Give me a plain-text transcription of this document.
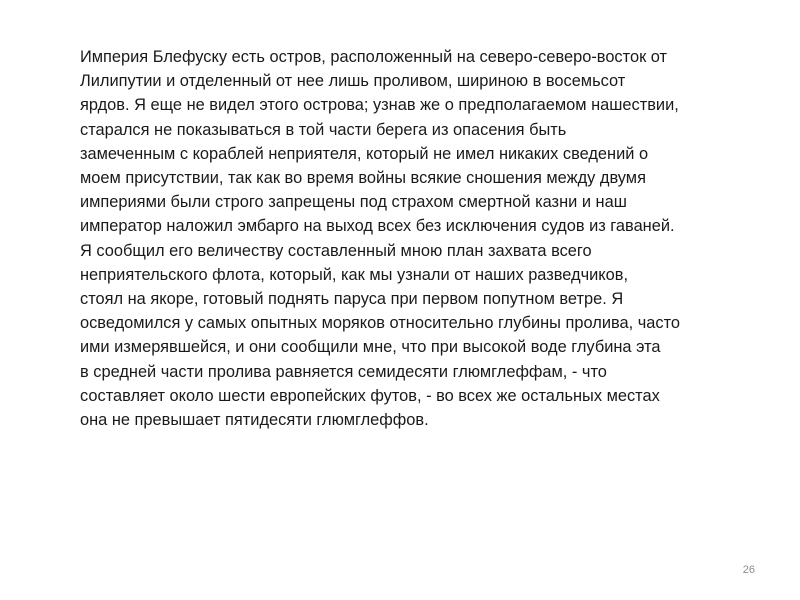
Империя Блефуску есть остров, расположенный на северо-северо-восток от
Лилипутии и отделенный от нее лишь проливом, шириною в восемьсот
ярдов. Я еще не видел этого острова; узнав же о предполагаемом нашествии,
старался не показываться в той части берега из опасения быть
замеченным с кораблей неприятеля, который не имел никаких сведений о
моем присутствии, так как во время войны всякие сношения между двумя
империями были строго запрещены под страхом смертной казни и наш
император наложил эмбарго на выход всех без исключения судов из гаваней.
Я сообщил его величеству составленный мною план захвата всего
неприятельского флота, который, как мы узнали от наших разведчиков,
стоял на якоре, готовый поднять паруса при первом попутном ветре. Я
осведомился у самых опытных моряков относительно глубины пролива, часто
ими измерявшейся, и они сообщили мне, что при высокой воде глубина эта
в средней части пролива равняется семидесяти глюмглеффам, - что
составляет около шести европейских футов, - во всех же остальных местах
она не превышает пятидесяти глюмглеффов.
26
